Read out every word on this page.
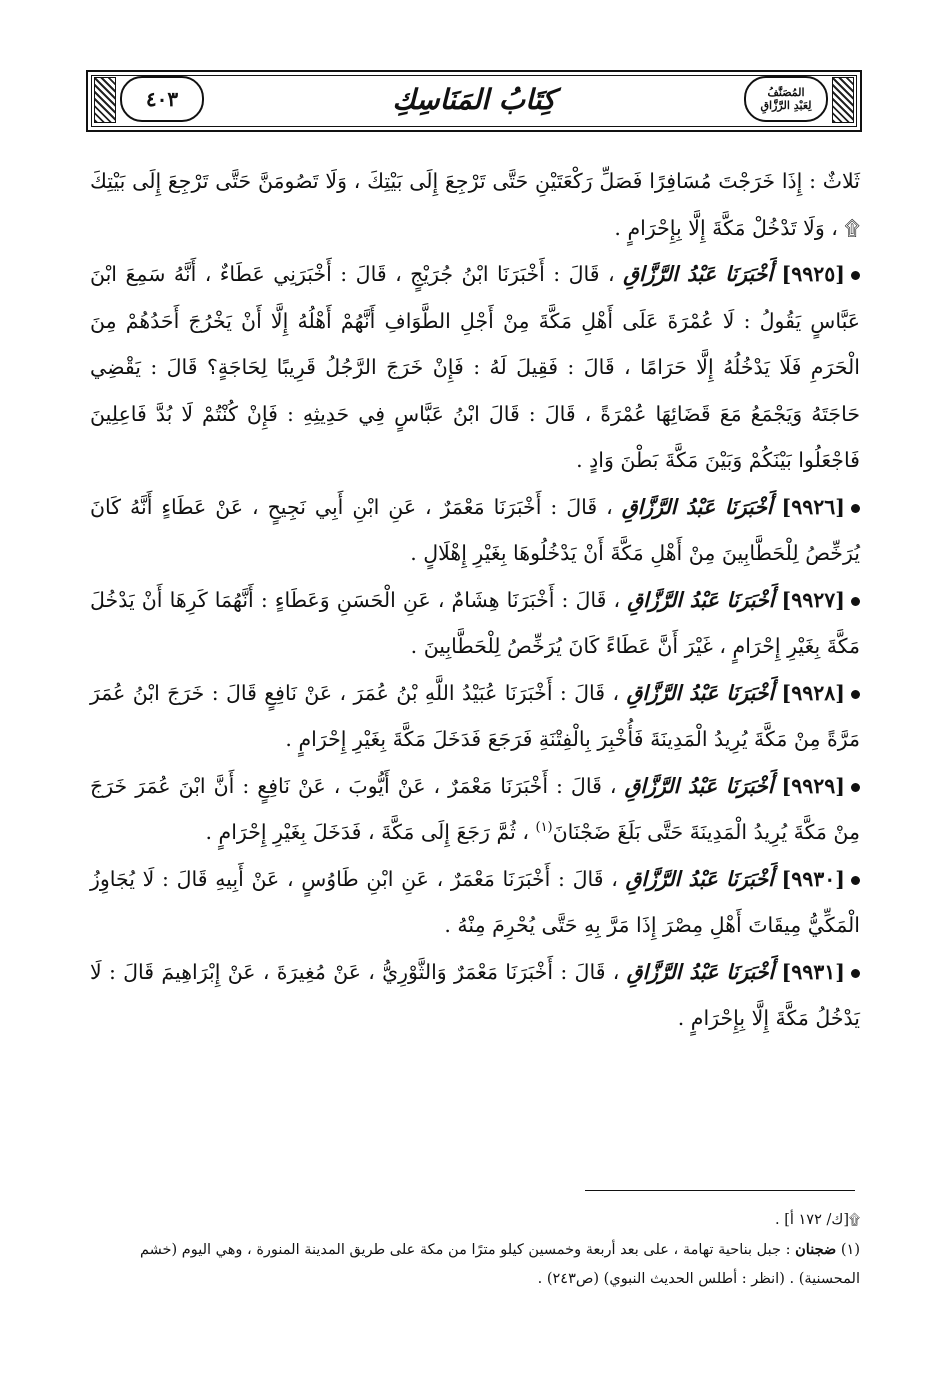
المُصَنَّفُ
لِعَبْدِ الرَّزَّاقِ
كِتَابُ المَنَاسِكِ
٤٠٣

ثَلاثٌ : إِذَا خَرَجْتَ مُسَافِرًا فَصَلِّ رَكْعَتَيْنِ حَتَّى تَرْجِعَ إِلَى بَيْتِكَ ، وَلَا تَصُومَنَّ حَتَّى تَرْجِعَ إِلَى بَيْتِكَ ۩ ، وَلَا تَدْخُلْ مَكَّةَ إِلَّا بِإِحْرَامٍ .

[٩٩٢٥] أَخْبَرَنَا عَبْدُ الرَّزَّاقِ ، قَالَ : أَخْبَرَنَا ابْنُ جُرَيْجٍ ، قَالَ : أَخْبَرَنِي عَطَاءٌ ، أَنَّهُ سَمِعَ ابْنَ عَبَّاسٍ يَقُولُ : لَا عُمْرَةَ عَلَى أَهْلِ مَكَّةَ مِنْ أَجْلِ الطَّوَافِ أَنَّهُمْ أَهْلُهُ إِلَّا أَنْ يَخْرُجَ أَحَدُهُمْ مِنَ الْحَرَمِ فَلَا يَدْخُلُهُ إِلَّا حَرَامًا ، قَالَ : فَقِيلَ لَهُ : فَإِنْ خَرَجَ الرَّجُلُ قَرِيبًا لِحَاجَةٍ؟ قَالَ : يَقْضِي حَاجَتَهُ وَيَجْمَعُ مَعَ قَضَائِهَا عُمْرَةً ، قَالَ : قَالَ ابْنُ عَبَّاسٍ فِي حَدِيثِهِ : فَإِنْ كُنْتُمْ لَا بُدَّ فَاعِلِينَ فَاجْعَلُوا بَيْنَكُمْ وَبَيْنَ مَكَّةَ بَطْنَ وَادٍ .

[٩٩٢٦] أَخْبَرَنَا عَبْدُ الرَّزَّاقِ ، قَالَ : أَخْبَرَنَا مَعْمَرٌ ، عَنِ ابْنِ أَبِي نَجِيحٍ ، عَنْ عَطَاءٍ أَنَّهُ كَانَ يُرَخِّصُ لِلْحَطَّابِينَ مِنْ أَهْلِ مَكَّةَ أَنْ يَدْخُلُوهَا بِغَيْرِ إِهْلَالٍ .

[٩٩٢٧] أَخْبَرَنَا عَبْدُ الرَّزَّاقِ ، قَالَ : أَخْبَرَنَا هِشَامٌ ، عَنِ الْحَسَنِ وَعَطَاءٍ : أَنَّهُمَا كَرِهَا أَنْ يَدْخُلَ مَكَّةَ بِغَيْرِ إِحْرَامٍ ، غَيْرَ أَنَّ عَطَاءً كَانَ يُرَخِّصُ لِلْحَطَّابِينَ .

[٩٩٢٨] أَخْبَرَنَا عَبْدُ الرَّزَّاقِ ، قَالَ : أَخْبَرَنَا عُبَيْدُ اللَّهِ بْنُ عُمَرَ ، عَنْ نَافِعٍ قَالَ : خَرَجَ ابْنُ عُمَرَ مَرَّةً مِنْ مَكَّةَ يُرِيدُ الْمَدِينَةَ فَأُخْبِرَ بِالْفِتْنَةِ فَرَجَعَ فَدَخَلَ مَكَّةَ بِغَيْرِ إِحْرَامٍ .

[٩٩٢٩] أَخْبَرَنَا عَبْدُ الرَّزَّاقِ ، قَالَ : أَخْبَرَنَا مَعْمَرٌ ، عَنْ أَيُّوبَ ، عَنْ نَافِعٍ : أَنَّ ابْنَ عُمَرَ خَرَجَ مِنْ مَكَّةَ يُرِيدُ الْمَدِينَةَ حَتَّى بَلَغَ ضَجْنَانَ$^{(١)}$ ، ثُمَّ رَجَعَ إِلَى مَكَّةَ ، فَدَخَلَ بِغَيْرِ إِحْرَامٍ .

[٩٩٣٠] أَخْبَرَنَا عَبْدُ الرَّزَّاقِ ، قَالَ : أَخْبَرَنَا مَعْمَرٌ ، عَنِ ابْنِ طَاوُسٍ ، عَنْ أَبِيهِ قَالَ : لَا يُجَاوِزُ الْمَكِّيُّ مِيقَاتَ أَهْلِ مِصْرَ إِذَا مَرَّ بِهِ حَتَّى يُحْرِمَ مِنْهُ .

[٩٩٣١] أَخْبَرَنَا عَبْدُ الرَّزَّاقِ ، قَالَ : أَخْبَرَنَا مَعْمَرٌ وَالثَّوْرِيُّ ، عَنْ مُغِيرَةَ ، عَنْ إِبْرَاهِيمَ قَالَ : لَا يَدْخُلُ مَكَّةَ إِلَّا بِإِحْرَامٍ .

۩[ك/ ١٧٢ أ] .

(١) ضجنان : جبل بناحية تهامة ، على بعد أربعة وخمسين كيلو مترًا من مكة على طريق المدينة المنورة ، وهي اليوم (خشم المحسنية) . (انظر : أطلس الحديث النبوي) (ص٢٤٣) .
